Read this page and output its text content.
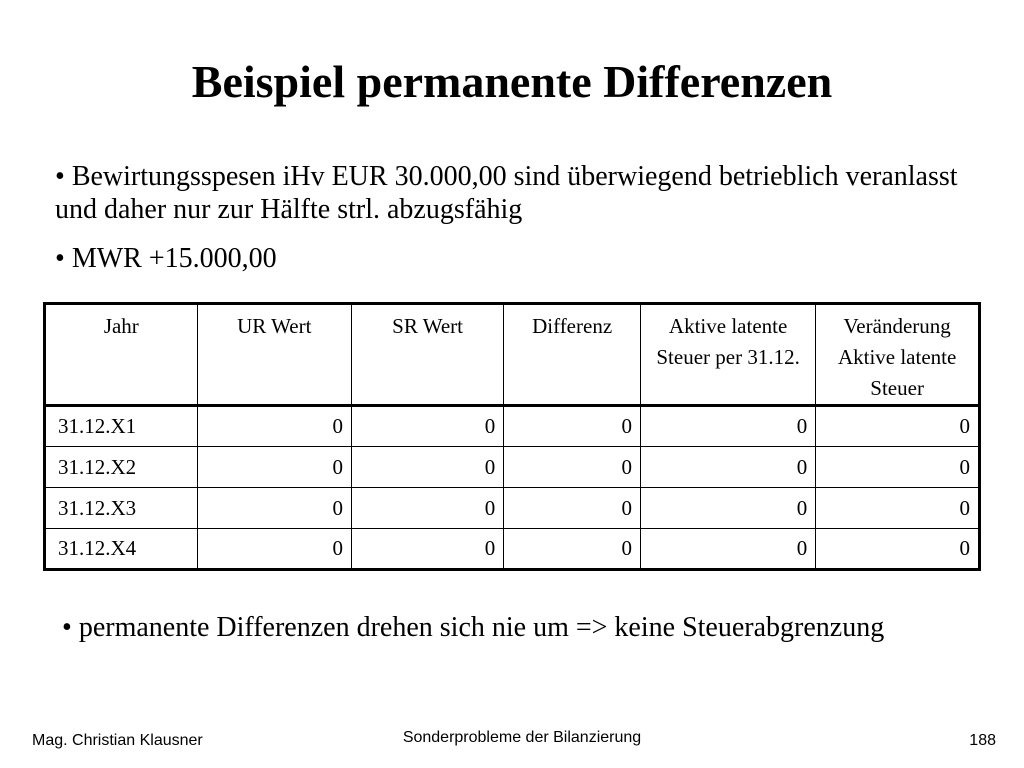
Beispiel permanente Differenzen

• Bewirtungsspesen iHv EUR 30.000,00 sind überwiegend betrieblich veranlasst und daher nur zur Hälfte strl. abzugsfähig

• MWR +15.000,00

Jahr	UR Wert	SR Wert	Differenz	Aktive latente Steuer per 31.12.	Veränderung Aktive latente Steuer
31.12.X1	0	0	0	0	0
31.12.X2	0	0	0	0	0
31.12.X3	0	0	0	0	0
31.12.X4	0	0	0	0	0

• permanente Differenzen drehen sich nie um => keine Steuerabgrenzung

Mag. Christian Klausner	Sonderprobleme der Bilanzierung	188
